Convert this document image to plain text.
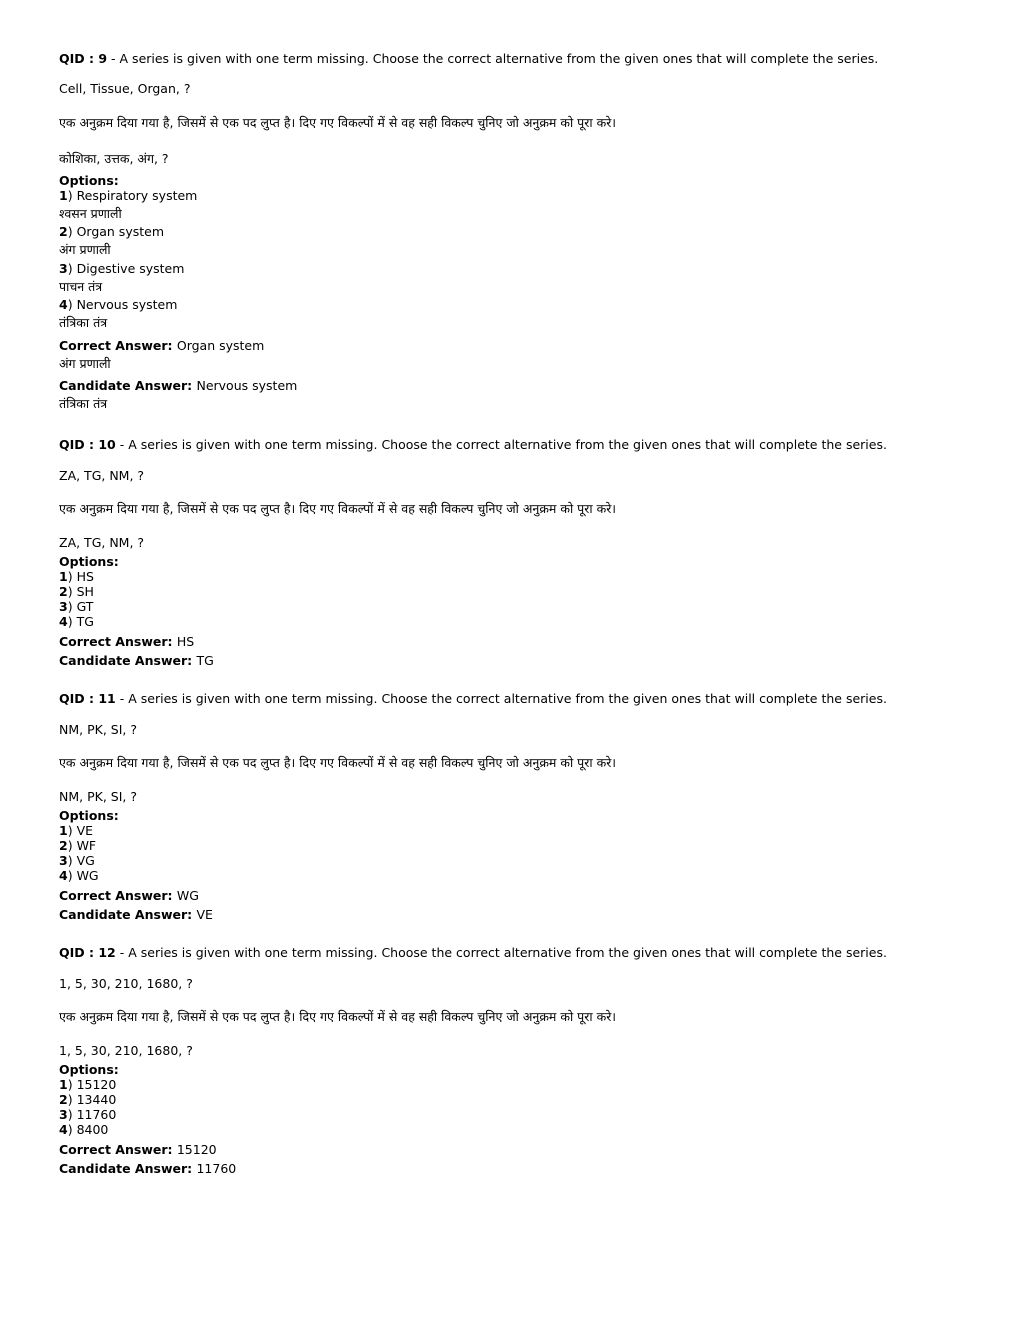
QID : 9 - A series is given with one term missing. Choose the correct alternative from the given ones that will complete the series.
Cell, Tissue, Organ, ?
एक अनुक्रम दिया गया है, जिसमें से एक पद लुप्त है। दिए गए विकल्पों में से वह सही विकल्प चुनिए जो अनुक्रम को पूरा करे।
कोशिका, उत्तक, अंग, ?
Options:
1) Respiratory system
श्वसन प्रणाली
2) Organ system
अंग प्रणाली
3) Digestive system
पाचन तंत्र
4) Nervous system
तंत्रिका तंत्र
Correct Answer: Organ system
अंग प्रणाली
Candidate Answer: Nervous system
तंत्रिका तंत्र
QID : 10 - A series is given with one term missing. Choose the correct alternative from the given ones that will complete the series.
ZA, TG, NM, ?
एक अनुक्रम दिया गया है, जिसमें से एक पद लुप्त है। दिए गए विकल्पों में से वह सही विकल्प चुनिए जो अनुक्रम को पूरा करे।
ZA, TG, NM, ?
Options:
1) HS
2) SH
3) GT
4) TG
Correct Answer: HS
Candidate Answer: TG
QID : 11 - A series is given with one term missing. Choose the correct alternative from the given ones that will complete the series.
NM, PK, SI, ?
एक अनुक्रम दिया गया है, जिसमें से एक पद लुप्त है। दिए गए विकल्पों में से वह सही विकल्प चुनिए जो अनुक्रम को पूरा करे।
NM, PK, SI, ?
Options:
1) VE
2) WF
3) VG
4) WG
Correct Answer: WG
Candidate Answer: VE
QID : 12 - A series is given with one term missing. Choose the correct alternative from the given ones that will complete the series.
1, 5, 30, 210, 1680, ?
एक अनुक्रम दिया गया है, जिसमें से एक पद लुप्त है। दिए गए विकल्पों में से वह सही विकल्प चुनिए जो अनुक्रम को पूरा करे।
1, 5, 30, 210, 1680, ?
Options:
1) 15120
2) 13440
3) 11760
4) 8400
Correct Answer: 15120
Candidate Answer: 11760
